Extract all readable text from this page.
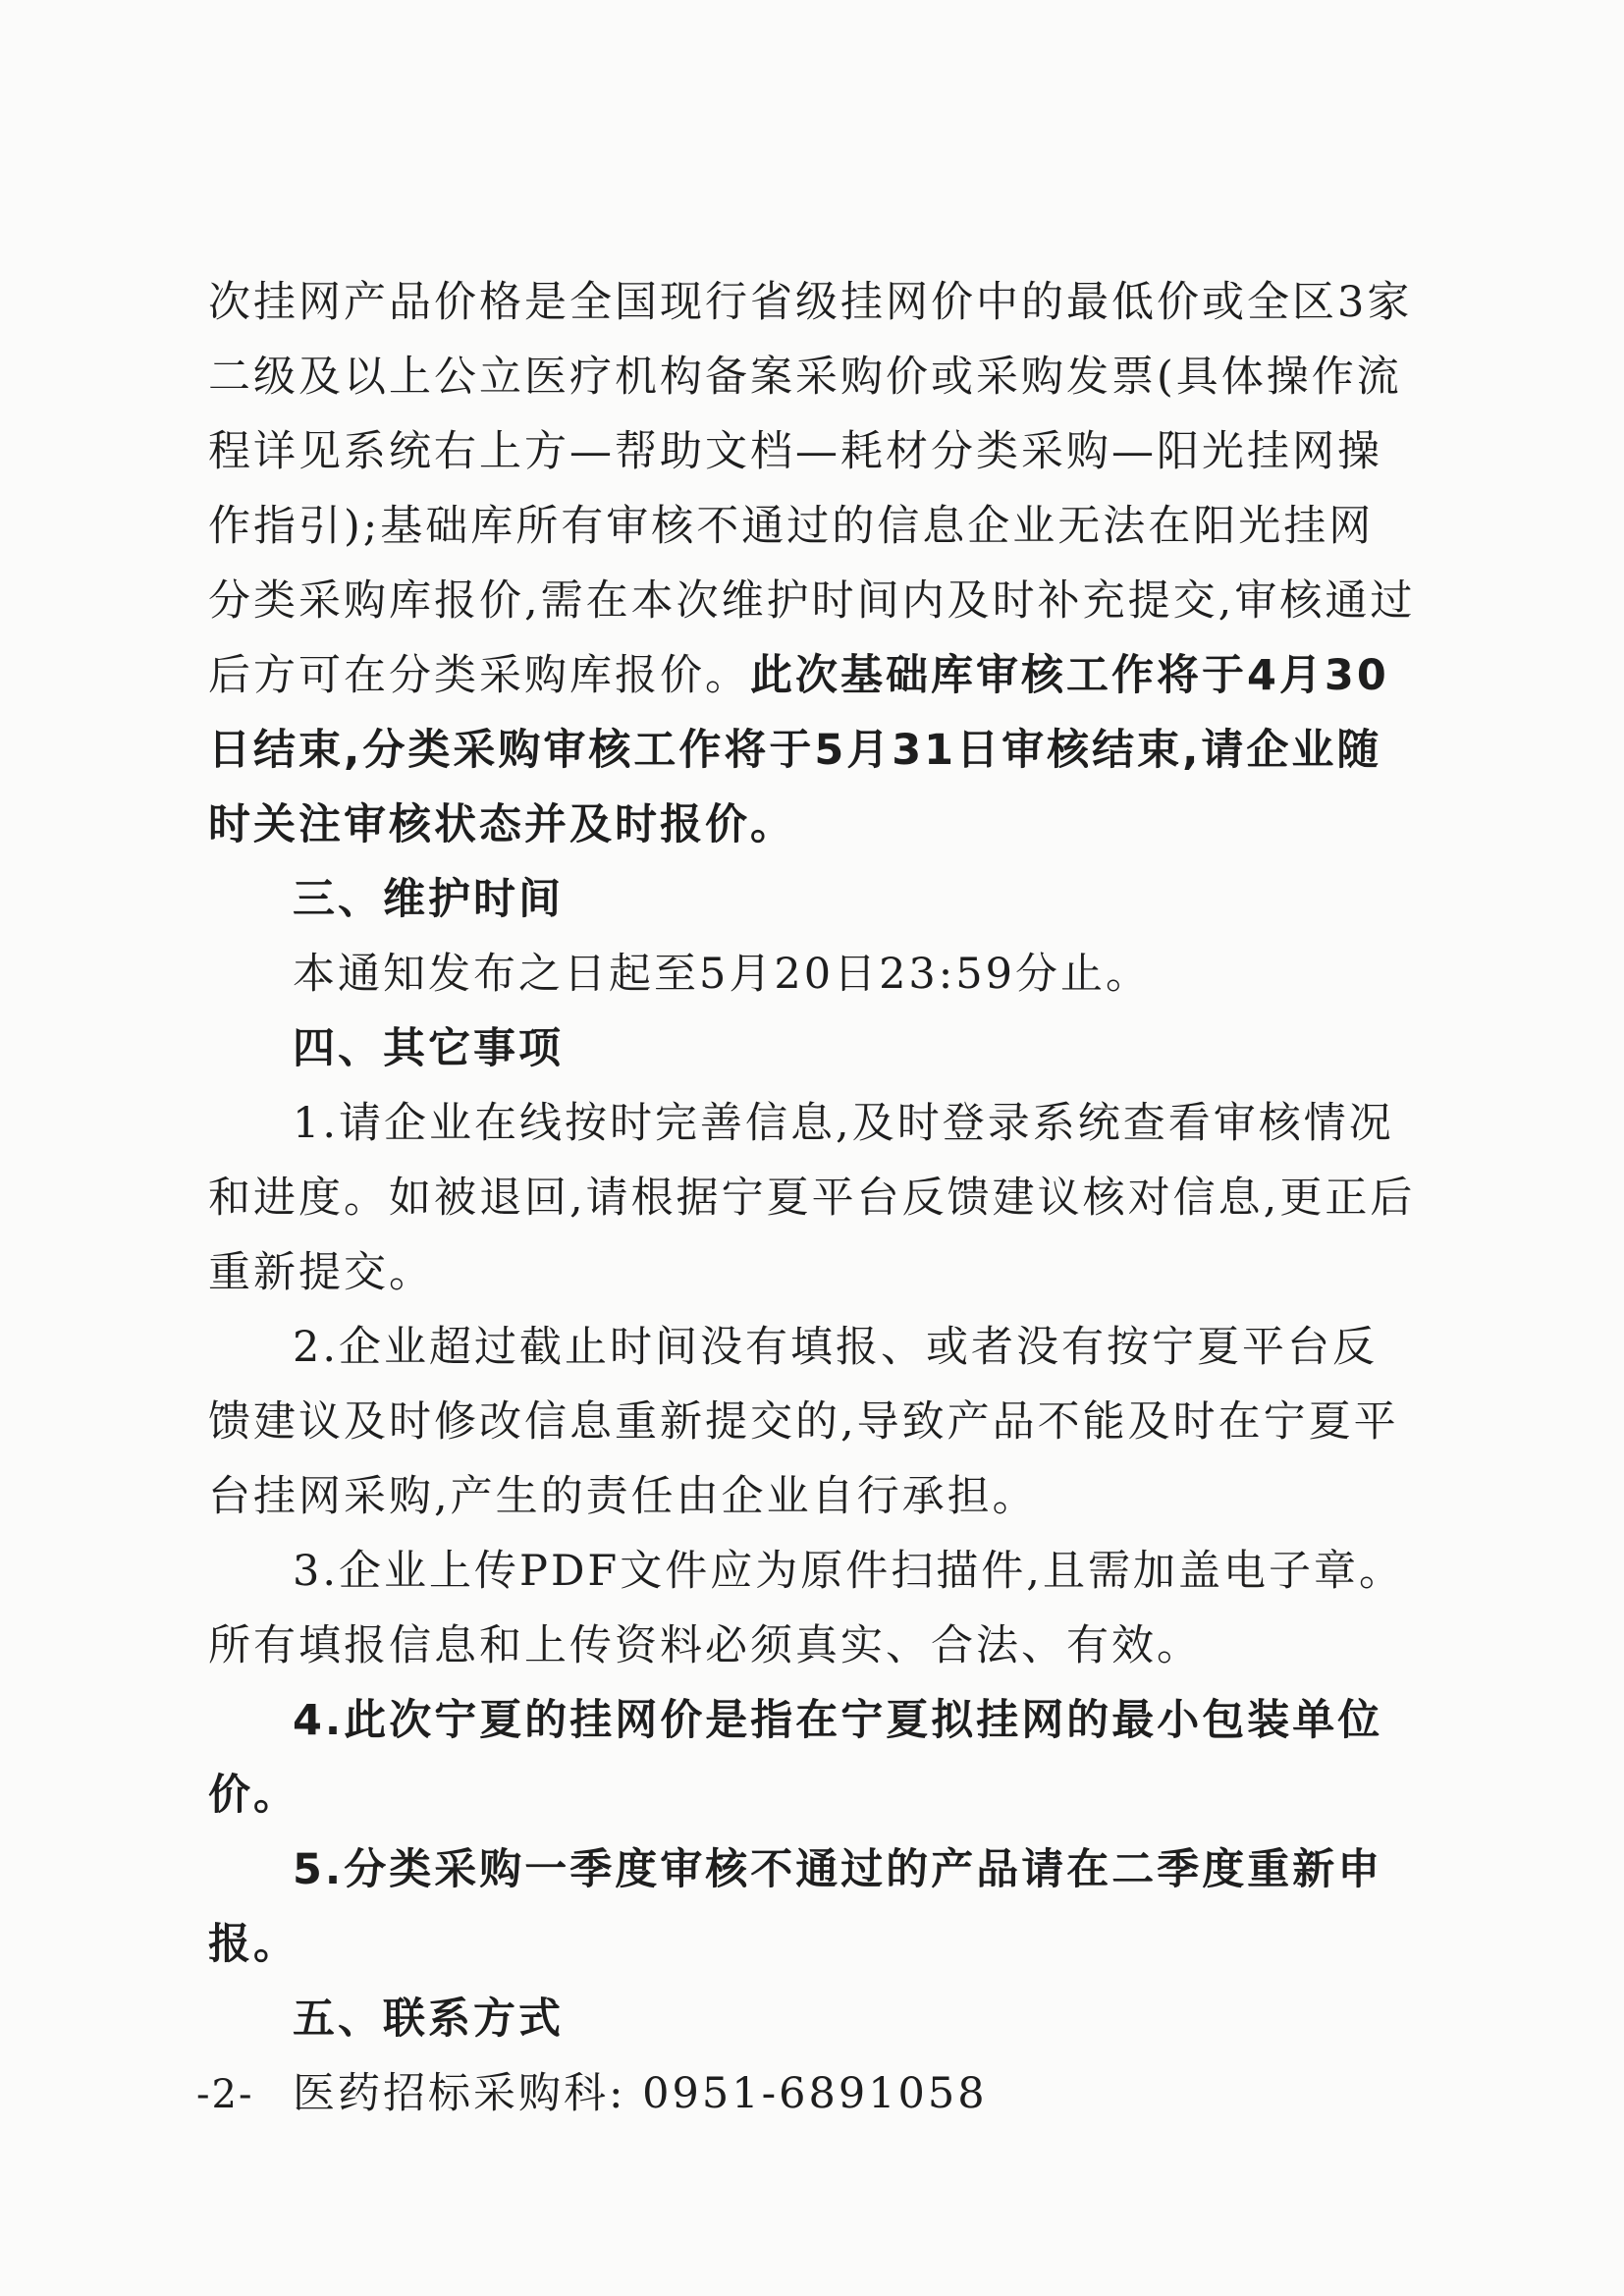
次挂网产品价格是全国现行省级挂网价中的最低价或全区3家二级及以上公立医疗机构备案采购价或采购发票(具体操作流程详见系统右上方—帮助文档—耗材分类采购—阳光挂网操作指引);基础库所有审核不通过的信息企业无法在阳光挂网分类采购库报价,需在本次维护时间内及时补充提交,审核通过后方可在分类采购库报价。此次基础库审核工作将于4月30日结束,分类采购审核工作将于5月31日审核结束,请企业随时关注审核状态并及时报价。

三、维护时间

本通知发布之日起至5月20日23:59分止。

四、其它事项

1.请企业在线按时完善信息,及时登录系统查看审核情况和进度。如被退回,请根据宁夏平台反馈建议核对信息,更正后重新提交。

2.企业超过截止时间没有填报、或者没有按宁夏平台反馈建议及时修改信息重新提交的,导致产品不能及时在宁夏平台挂网采购,产生的责任由企业自行承担。

3.企业上传PDF文件应为原件扫描件,且需加盖电子章。

所有填报信息和上传资料必须真实、合法、有效。

4.此次宁夏的挂网价是指在宁夏拟挂网的最小包装单位价。

5.分类采购一季度审核不通过的产品请在二季度重新申报。

五、联系方式

医药招标采购科: 0951-6891058

-2-
